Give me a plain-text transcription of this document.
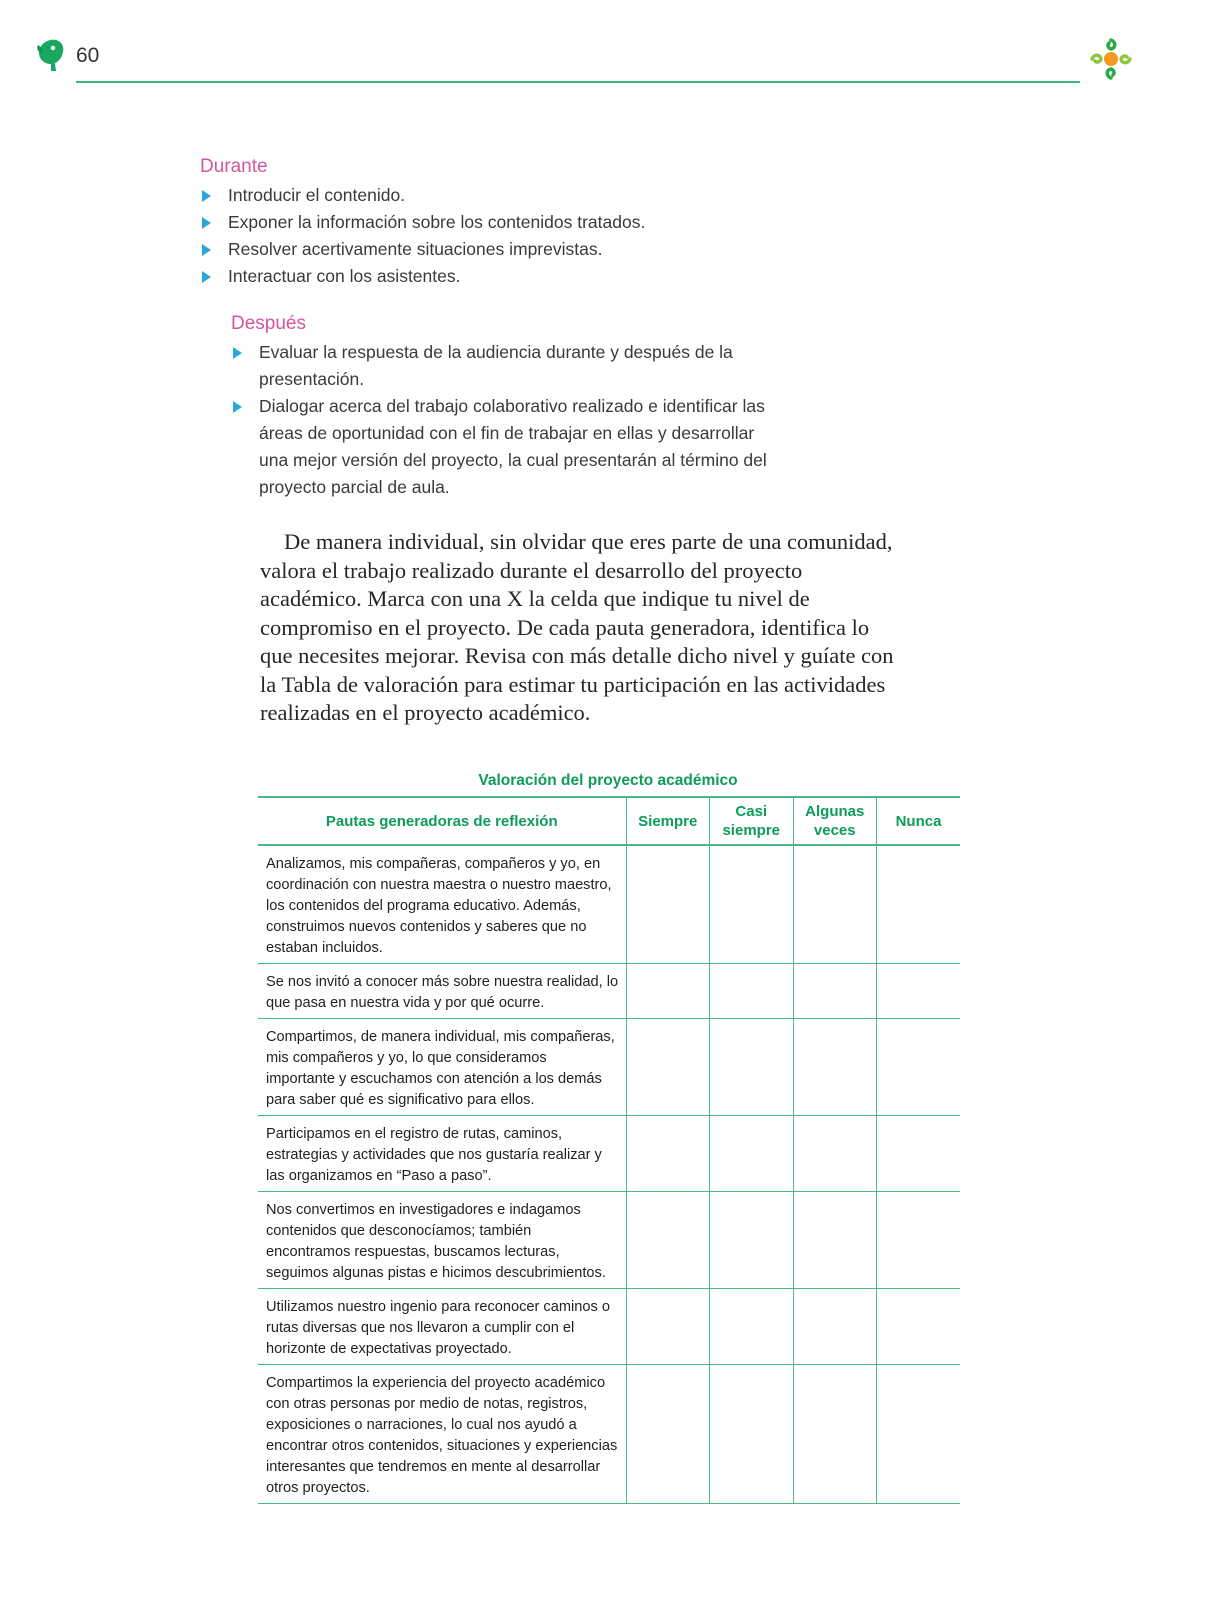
60
Durante
Introducir el contenido.
Exponer la información sobre los contenidos tratados.
Resolver acertivamente situaciones imprevistas.
Interactuar con los asistentes.
Después
Evaluar la respuesta de la audiencia durante y después de la presentación.
Dialogar acerca del trabajo colaborativo realizado e identificar las áreas de oportunidad con el fin de trabajar en ellas y desarrollar una mejor versión del proyecto, la cual presentarán al término del proyecto parcial de aula.

De manera individual, sin olvidar que eres parte de una comunidad, valora el trabajo realizado durante el desarrollo del proyecto académico. Marca con una X la celda que indique tu nivel de compromiso en el proyecto. De cada pauta generadora, identifica lo que necesites mejorar. Revisa con más detalle dicho nivel y guíate con la Tabla de valoración para estimar tu participación en las actividades realizadas en el proyecto académico.

Valoración del proyecto académico
Pautas generadoras de reflexión	Siempre	Casi siempre	Algunas veces	Nunca
Analizamos, mis compañeras, compañeros y yo, en coordinación con nuestra maestra o nuestro maestro, los contenidos del programa educativo. Además, construimos nuevos contenidos y saberes que no estaban incluidos.				
Se nos invitó a conocer más sobre nuestra realidad, lo que pasa en nuestra vida y por qué ocurre.				
Compartimos, de manera individual, mis compañeras, mis compañeros y yo, lo que consideramos importante y escuchamos con atención a los demás para saber qué es significativo para ellos.				
Participamos en el registro de rutas, caminos, estrategias y actividades que nos gustaría realizar y las organizamos en “Paso a paso”.				
Nos convertimos en investigadores e indagamos contenidos que desconocíamos; también encontramos respuestas, buscamos lecturas, seguimos algunas pistas e hicimos descubrimientos.				
Utilizamos nuestro ingenio para reconocer caminos o rutas diversas que nos llevaron a cumplir con el horizonte de expectativas proyectado.				
Compartimos la experiencia del proyecto académico con otras personas por medio de notas, registros, exposiciones o narraciones, lo cual nos ayudó a encontrar otros contenidos, situaciones y experiencias interesantes que tendremos en mente al desarrollar otros proyectos.				
